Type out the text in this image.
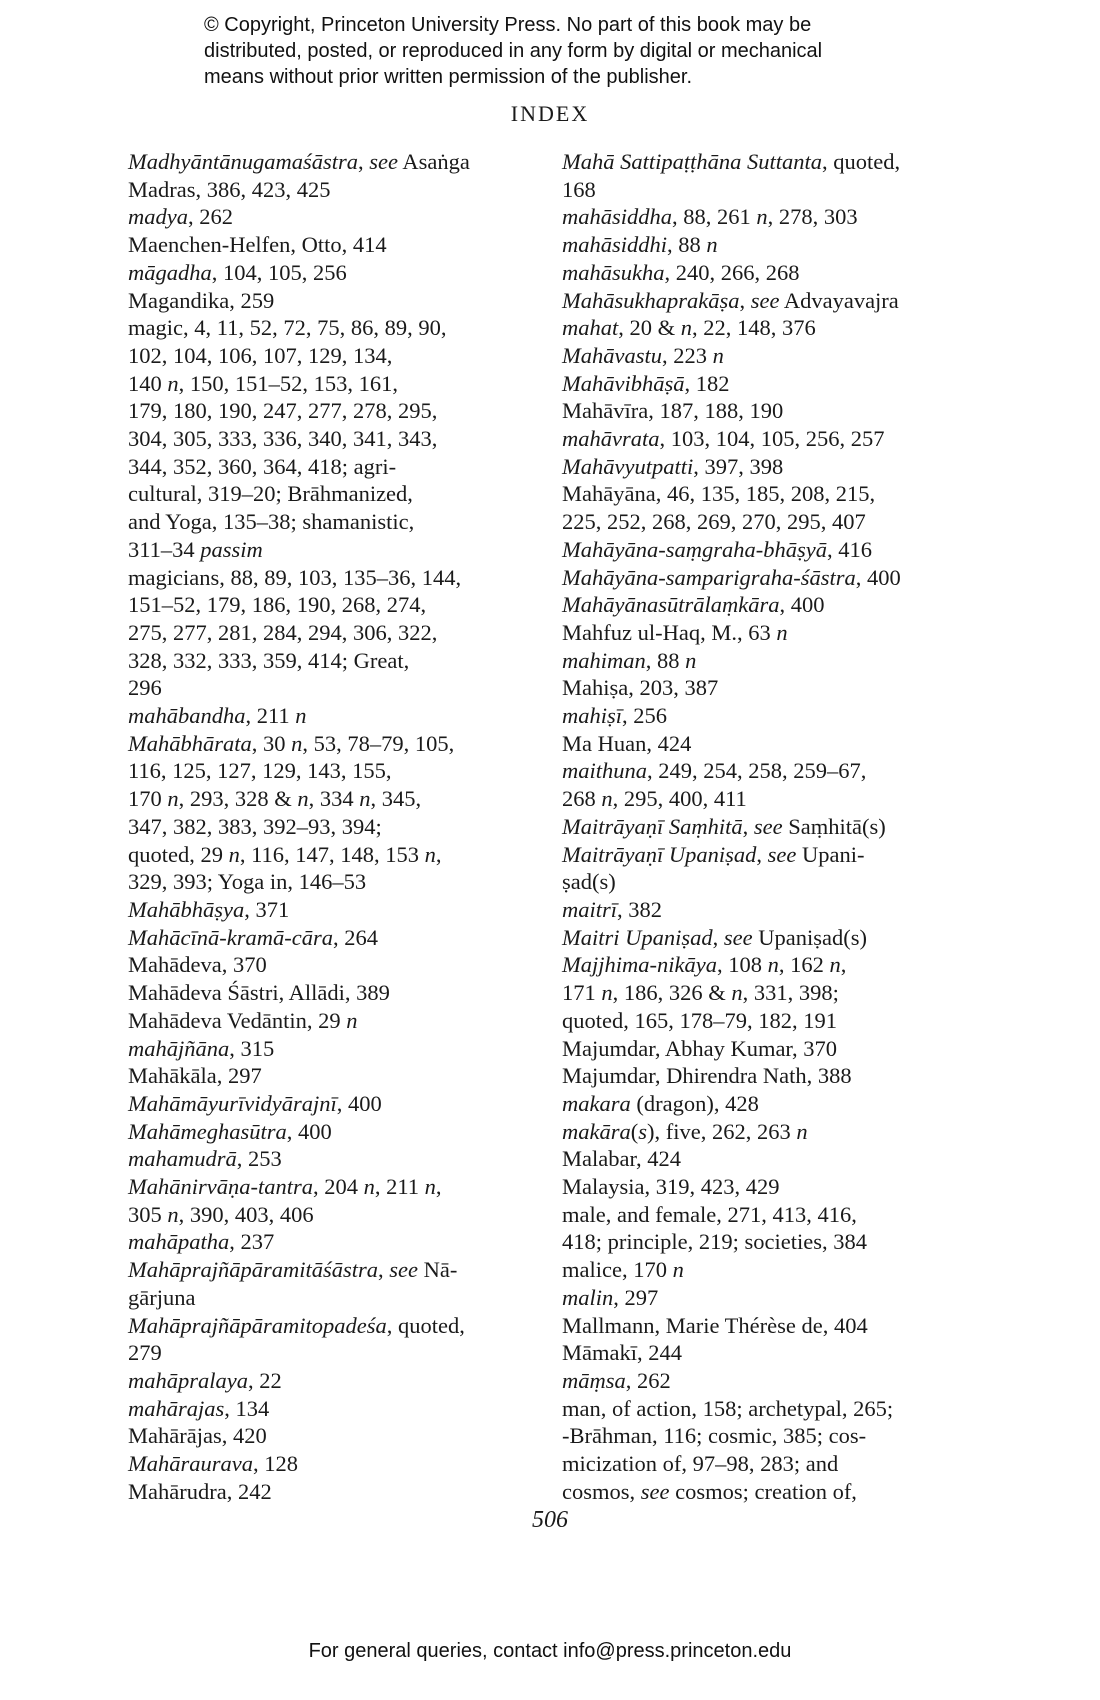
© Copyright, Princeton University Press. No part of this book may be
distributed, posted, or reproduced in any form by digital or mechanical
means without prior written permission of the publisher.
INDEX

Madhyāntānugamaśāstra, see Asaṅga

Madras, 386, 423, 425

madya, 262

Maenchen-Helfen, Otto, 414

māgadha, 104, 105, 256

Magandika, 259

magic, 4, 11, 52, 72, 75, 86, 89, 90,

102, 104, 106, 107, 129, 134,

140 n, 150, 151–52, 153, 161,

179, 180, 190, 247, 277, 278, 295,

304, 305, 333, 336, 340, 341, 343,

344, 352, 360, 364, 418; agri-

cultural, 319–20; Brāhmanized,

and Yoga, 135–38; shamanistic,

311–34 passim

magicians, 88, 89, 103, 135–36, 144,

151–52, 179, 186, 190, 268, 274,

275, 277, 281, 284, 294, 306, 322,

328, 332, 333, 359, 414; Great,

296

mahābandha, 211 n

Mahābhārata, 30 n, 53, 78–79, 105,

116, 125, 127, 129, 143, 155,

170 n, 293, 328 & n, 334 n, 345,

347, 382, 383, 392–93, 394;

quoted, 29 n, 116, 147, 148, 153 n,

329, 393; Yoga in, 146–53

Mahābhāṣya, 371

Mahācīnā-kramā-cāra, 264

Mahādeva, 370

Mahādeva Śāstri, Allādi, 389

Mahādeva Vedāntin, 29 n

mahājñāna, 315

Mahākāla, 297

Mahāmāyurīvidyārajnī, 400

Mahāmeghasūtra, 400

mahamudrā, 253

Mahānirvāṇa-tantra, 204 n, 211 n,

305 n, 390, 403, 406

mahāpatha, 237

Mahāprajñāpāramitāśāstra, see Nā-

gārjuna

Mahāprajñāpāramitopadeśa, quoted,

279

mahāpralaya, 22

mahārajas, 134

Mahārājas, 420

Mahāraurava, 128

Mahārudra, 242

Mahā Sattipaṭṭhāna Suttanta, quoted,

168

mahāsiddha, 88, 261 n, 278, 303

mahāsiddhi, 88 n

mahāsukha, 240, 266, 268

Mahāsukhaprakāṣa, see Advayavajra

mahat, 20 & n, 22, 148, 376

Mahāvastu, 223 n

Mahāvibhāṣā, 182

Mahāvīra, 187, 188, 190

mahāvrata, 103, 104, 105, 256, 257

Mahāvyutpatti, 397, 398

Mahāyāna, 46, 135, 185, 208, 215,

225, 252, 268, 269, 270, 295, 407

Mahāyāna-saṃgraha-bhāṣyā, 416

Mahāyāna-samparigraha-śāstra, 400

Mahāyānasūtrālaṃkāra, 400

Mahfuz ul-Haq, M., 63 n

mahiman, 88 n

Mahiṣa, 203, 387

mahiṣī, 256

Ma Huan, 424

maithuna, 249, 254, 258, 259–67,

268 n, 295, 400, 411

Maitrāyaṇī Saṃhitā, see Saṃhitā(s)

Maitrāyaṇī Upaniṣad, see Upani-

ṣad(s)

maitrī, 382

Maitri Upaniṣad, see Upaniṣad(s)

Majjhima-nikāya, 108 n, 162 n,

171 n, 186, 326 & n, 331, 398;

quoted, 165, 178–79, 182, 191

Majumdar, Abhay Kumar, 370

Majumdar, Dhirendra Nath, 388

makara (dragon), 428

makāra(s), five, 262, 263 n

Malabar, 424

Malaysia, 319, 423, 429

male, and female, 271, 413, 416,

418; principle, 219; societies, 384

malice, 170 n

malin, 297

Mallmann, Marie Thérèse de, 404

Māmakī, 244

māṃsa, 262

man, of action, 158; archetypal, 265;

-Brāhman, 116; cosmic, 385; cos-

micization of, 97–98, 283; and

cosmos, see cosmos; creation of,

506
For general queries, contact info@press.princeton.edu
